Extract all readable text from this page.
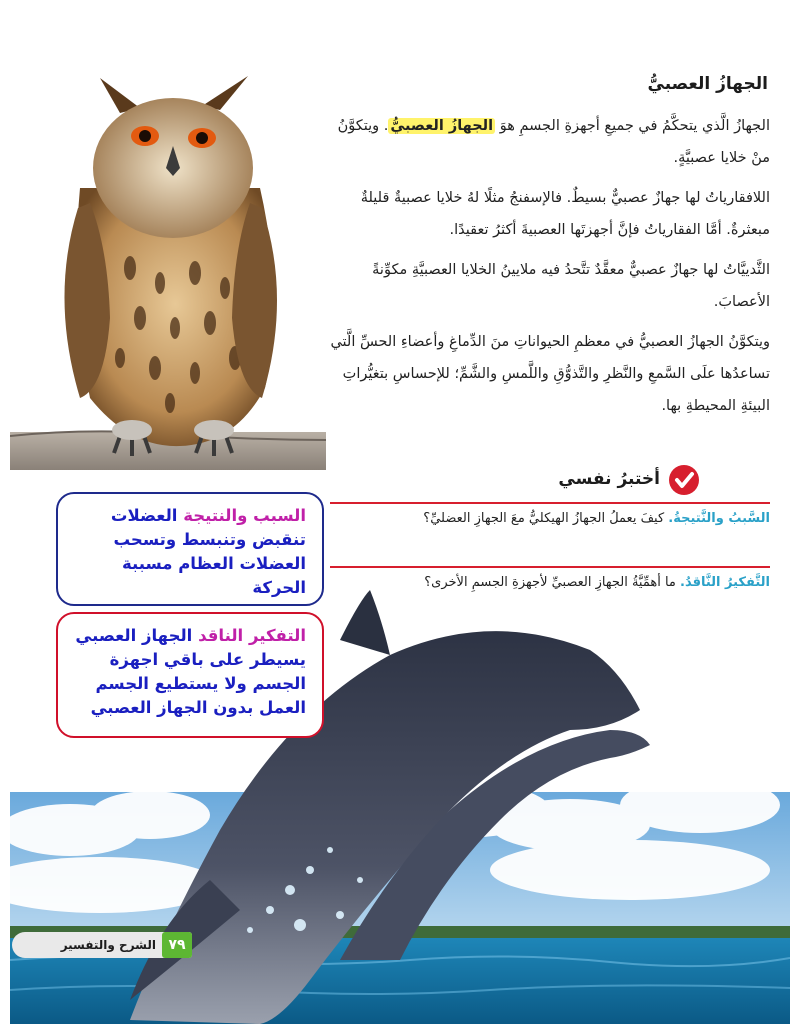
الجهازُ العصبيُّ
الجهازُ الَّذي يتحكَّمُ في جميعِ أجهزةِ الجسمِ هوَ الجهازُ العصبيُّ. ويتكوَّنُ منْ خلايا عصبيَّةٍ.
اللافقارياتُ لها جهازٌ عصبيٌّ بسيطٌ. فالإسفنجُ مثلًا لهُ خلايا عصبيةٌ قليلةٌ مبعثرةٌ. أمَّا الفقارياتُ فإنَّ أجهزتَها العصبيةَ أكثرُ تعقيدًا.
الثَّدييَّاتُ لها جهازٌ عصبيٌّ معقَّدٌ تتَّحدُ فيه ملايينُ الخلايا العصبيَّةِ مكوِّنةً الأعصابَ.
ويتكوَّنُ الجهازُ العصبيُّ في معظمِ الحيواناتِ منَ الدِّماغِ وأعضاءِ الحسِّ الَّتي تساعدُها علَى السَّمعِ والنَّظرِ والتَّذوُّقِ واللَّمسِ والشَّمِّ؛ للإحساسِ بتغيُّراتِ البيئةِ المحيطةِ بها.
أختبرُ نفسي
السَّببُ والنَّتيجةُ. كيفَ يعملُ الجهازُ الهيكليُّ معَ الجهازِ العضليِّ؟
التَّفكيرُ النَّاقدُ. ما أهمِّيَّةُ الجهازِ العصبيِّ لأجهزةِ الجسمِ الأخرى؟
السبب والنتيجة العضلات تنقبض وتنبسط وتسحب العضلات العظام مسببة الحركة
التفكير الناقد الجهاز العصبي يسيطر على باقي اجهزة الجسم ولا يستطيع الجسم العمل بدون الجهاز العصبي
الشرح والتفسير ٧٩
